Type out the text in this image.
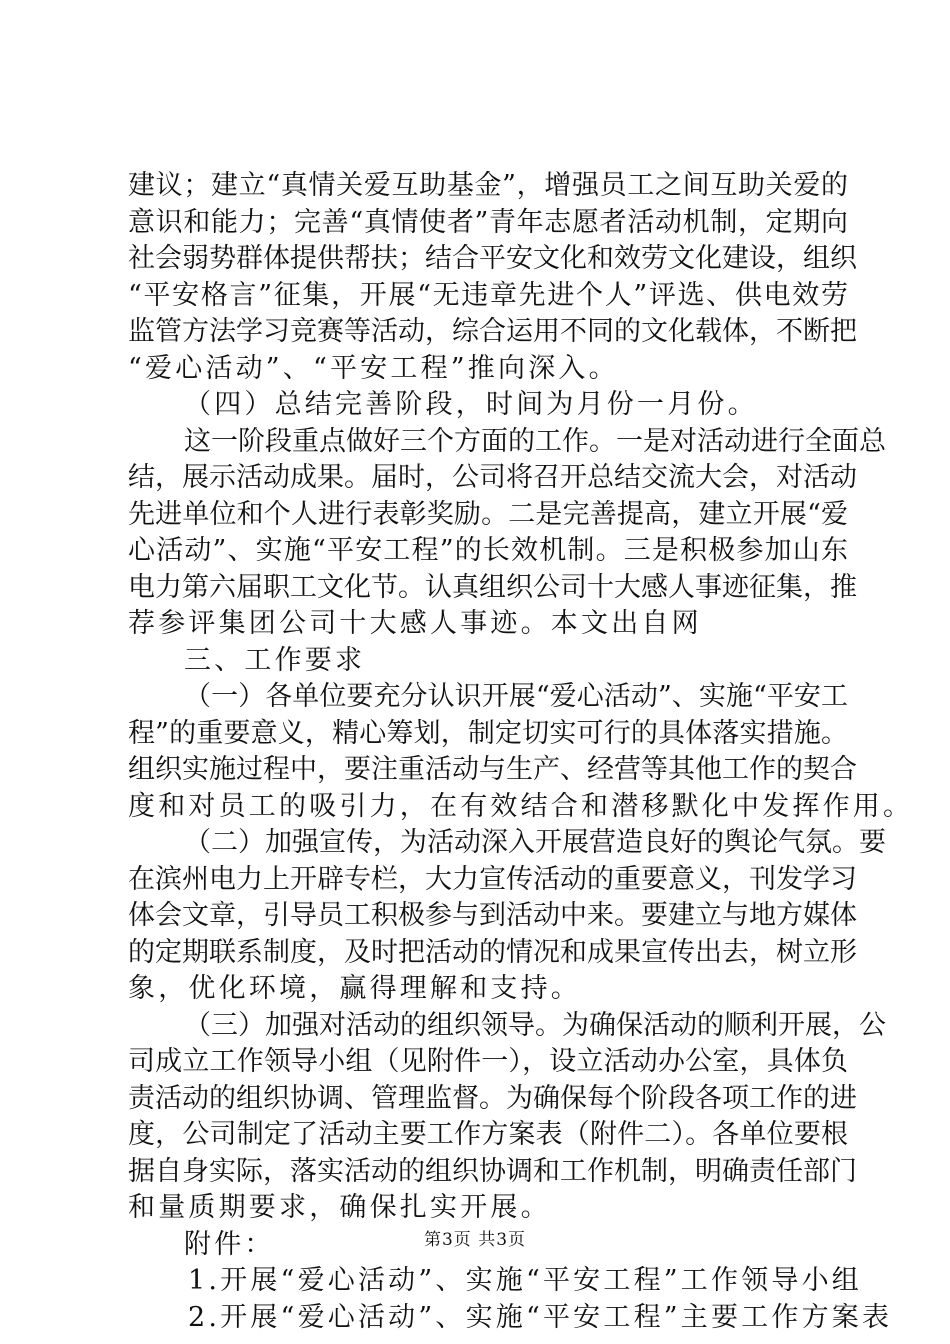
建议；建立“真情关爱互助基金”，增强员工之间互助关爱的
意识和能力；完善“真情使者”青年志愿者活动机制，定期向
社会弱势群体提供帮扶；结合平安文化和效劳文化建设，组织
“平安格言”征集，开展“无违章先进个人”评选、供电效劳
监管方法学习竞赛等活动，综合运用不同的文化载体，不断把
“爱心活动”、“平安工程”推向深入。
（四）总结完善阶段，时间为月份一月份。
这一阶段重点做好三个方面的工作。一是对活动进行全面总
结，展示活动成果。届时，公司将召开总结交流大会，对活动
先进单位和个人进行表彰奖励。二是完善提高，建立开展“爱
心活动”、实施“平安工程”的长效机制。三是积极参加山东
电力第六届职工文化节。认真组织公司十大感人事迹征集，推
荐参评集团公司十大感人事迹。本文出自网
三、工作要求
（一）各单位要充分认识开展“爱心活动”、实施“平安工
程”的重要意义，精心筹划，制定切实可行的具体落实措施。
组织实施过程中，要注重活动与生产、经营等其他工作的契合
度和对员工的吸引力，在有效结合和潜移默化中发挥作用。
（二）加强宣传，为活动深入开展营造良好的舆论气氛。要
在滨州电力上开辟专栏，大力宣传活动的重要意义，刊发学习
体会文章，引导员工积极参与到活动中来。要建立与地方媒体
的定期联系制度，及时把活动的情况和成果宣传出去，树立形
象，优化环境，赢得理解和支持。
（三）加强对活动的组织领导。为确保活动的顺利开展，公
司成立工作领导小组（见附件一），设立活动办公室，具体负
责活动的组织协调、管理监督。为确保每个阶段各项工作的进
度，公司制定了活动主要工作方案表（附件二）。各单位要根
据自身实际，落实活动的组织协调和工作机制，明确责任部门
和量质期要求，确保扎实开展。
附件：
1.开展“爱心活动”、实施“平安工程”工作领导小组
2.开展“爱心活动”、实施“平安工程”主要工作方案表
第3页 共3页
